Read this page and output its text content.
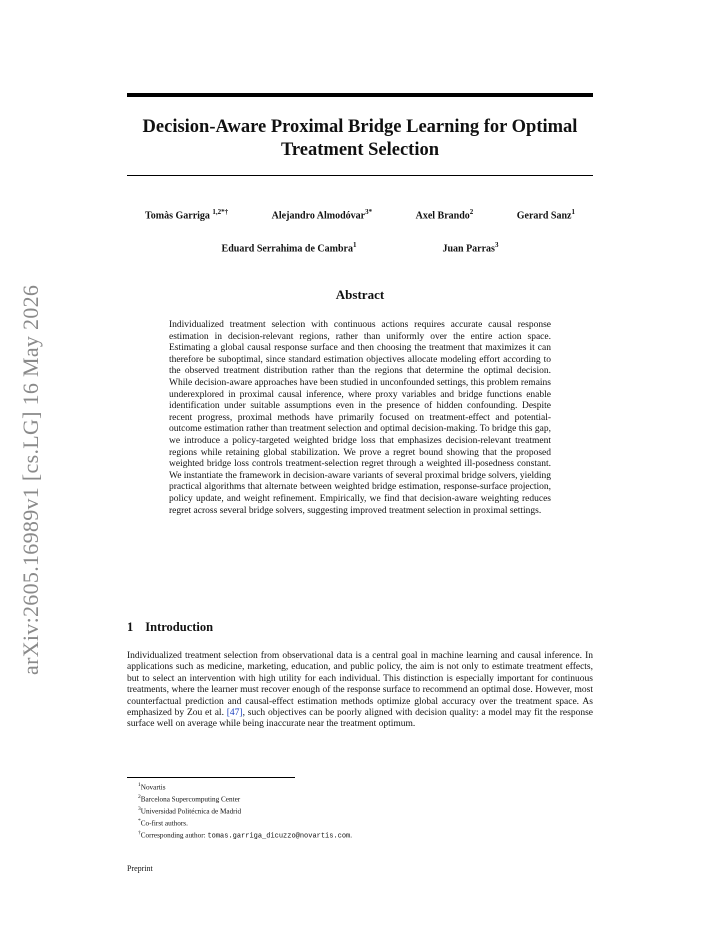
arXiv:2605.16989v1 [cs.LG] 16 May 2026
Decision-Aware Proximal Bridge Learning for Optimal Treatment Selection
Tomàs Garriga $^{1,2*\dagger}$	Alejandro Almodóvar$^{3*}$	Axel Brando$^2$	Gerard Sanz$^1$
Eduard Serrahima de Cambra$^1$	Juan Parras$^3$
Abstract
Individualized treatment selection with continuous actions requires accurate causal response estimation in decision-relevant regions, rather than uniformly over the entire action space. Estimating a global causal response surface and then choosing the treatment that maximizes it can therefore be suboptimal, since standard estimation objectives allocate modeling effort according to the observed treatment distribution rather than the regions that determine the optimal decision. While decision-aware approaches have been studied in unconfounded settings, this problem remains underexplored in proximal causal inference, where proxy variables and bridge functions enable identification under suitable assumptions even in the presence of hidden confounding. Despite recent progress, proximal methods have primarily focused on treatment-effect and potential-outcome estimation rather than treatment selection and optimal decision-making. To bridge this gap, we introduce a policy-targeted weighted bridge loss that emphasizes decision-relevant treatment regions while retaining global stabilization. We prove a regret bound showing that the proposed weighted bridge loss controls treatment-selection regret through a weighted ill-posedness constant. We instantiate the framework in decision-aware variants of several proximal bridge solvers, yielding practical algorithms that alternate between weighted bridge estimation, response-surface projection, policy update, and weight refinement. Empirically, we find that decision-aware weighting reduces regret across several bridge solvers, suggesting improved treatment selection in proximal settings.
1 Introduction
Individualized treatment selection from observational data is a central goal in machine learning and causal inference. In applications such as medicine, marketing, education, and public policy, the aim is not only to estimate treatment effects, but to select an intervention with high utility for each individual. This distinction is especially important for continuous treatments, where the learner must recover enough of the response surface to recommend an optimal dose. However, most counterfactual prediction and causal-effect estimation methods optimize global accuracy over the treatment space. As emphasized by Zou et al. [47], such objectives can be poorly aligned with decision quality: a model may fit the response surface well on average while being inaccurate near the treatment optimum.
$^1$Novartis
$^2$Barcelona Supercomputing Center
$^3$Universidad Politécnica de Madrid
*Co-first authors.
†Corresponding author: tomas.garriga_dicuzzo@novartis.com.
Preprint
